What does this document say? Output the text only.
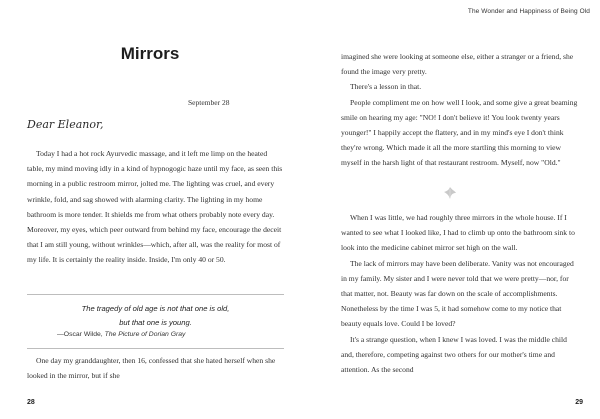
Mirrors
September 28
Dear Eleanor,

Today I had a hot rock Ayurvedic massage, and it left me limp on the heated table, my mind moving idly in a kind of hypnogogic haze until my face, as seen this morning in a public restroom mirror, jolted me. The lighting was cruel, and every wrinkle, fold, and sag showed with alarming clarity. The lighting in my home bathroom is more tender. It shields me from what others probably note every day. Moreover, my eyes, which peer outward from behind my face, encourage the deceit that I am still young, without wrinkles—which, after all, was the reality for most of my life. It is certainly the reality inside. Inside, I'm only 40 or 50.

The tragedy of old age is not that one is old,
but that one is young.
—Oscar Wilde, The Picture of Dorian Gray

One day my granddaughter, then 16, confessed that she hated herself when she looked in the mirror, but if she

28
The Wonder and Happiness of Being Old

imagined she were looking at someone else, either a stranger or a friend, she found the image very pretty.

There's a lesson in that.

People compliment me on how well I look, and some give a great beaming smile on hearing my age: "NO! I don't believe it! You look twenty years younger!" I happily accept the flattery, and in my mind's eye I don't think they're wrong. Which made it all the more startling this morning to view myself in the harsh light of that restaurant restroom. Myself, now "Old."

When I was little, we had roughly three mirrors in the whole house. If I wanted to see what I looked like, I had to climb up onto the bathroom sink to look into the medicine cabinet mirror set high on the wall.

The lack of mirrors may have been deliberate. Vanity was not encouraged in my family. My sister and I were never told that we were pretty—nor, for that matter, not. Beauty was far down on the scale of accomplishments. Nonetheless by the time I was 5, it had somehow come to my notice that beauty equals love. Could I be loved?

It's a strange question, when I knew I was loved. I was the middle child and, therefore, competing against two others for our mother's time and attention. As the second

29
